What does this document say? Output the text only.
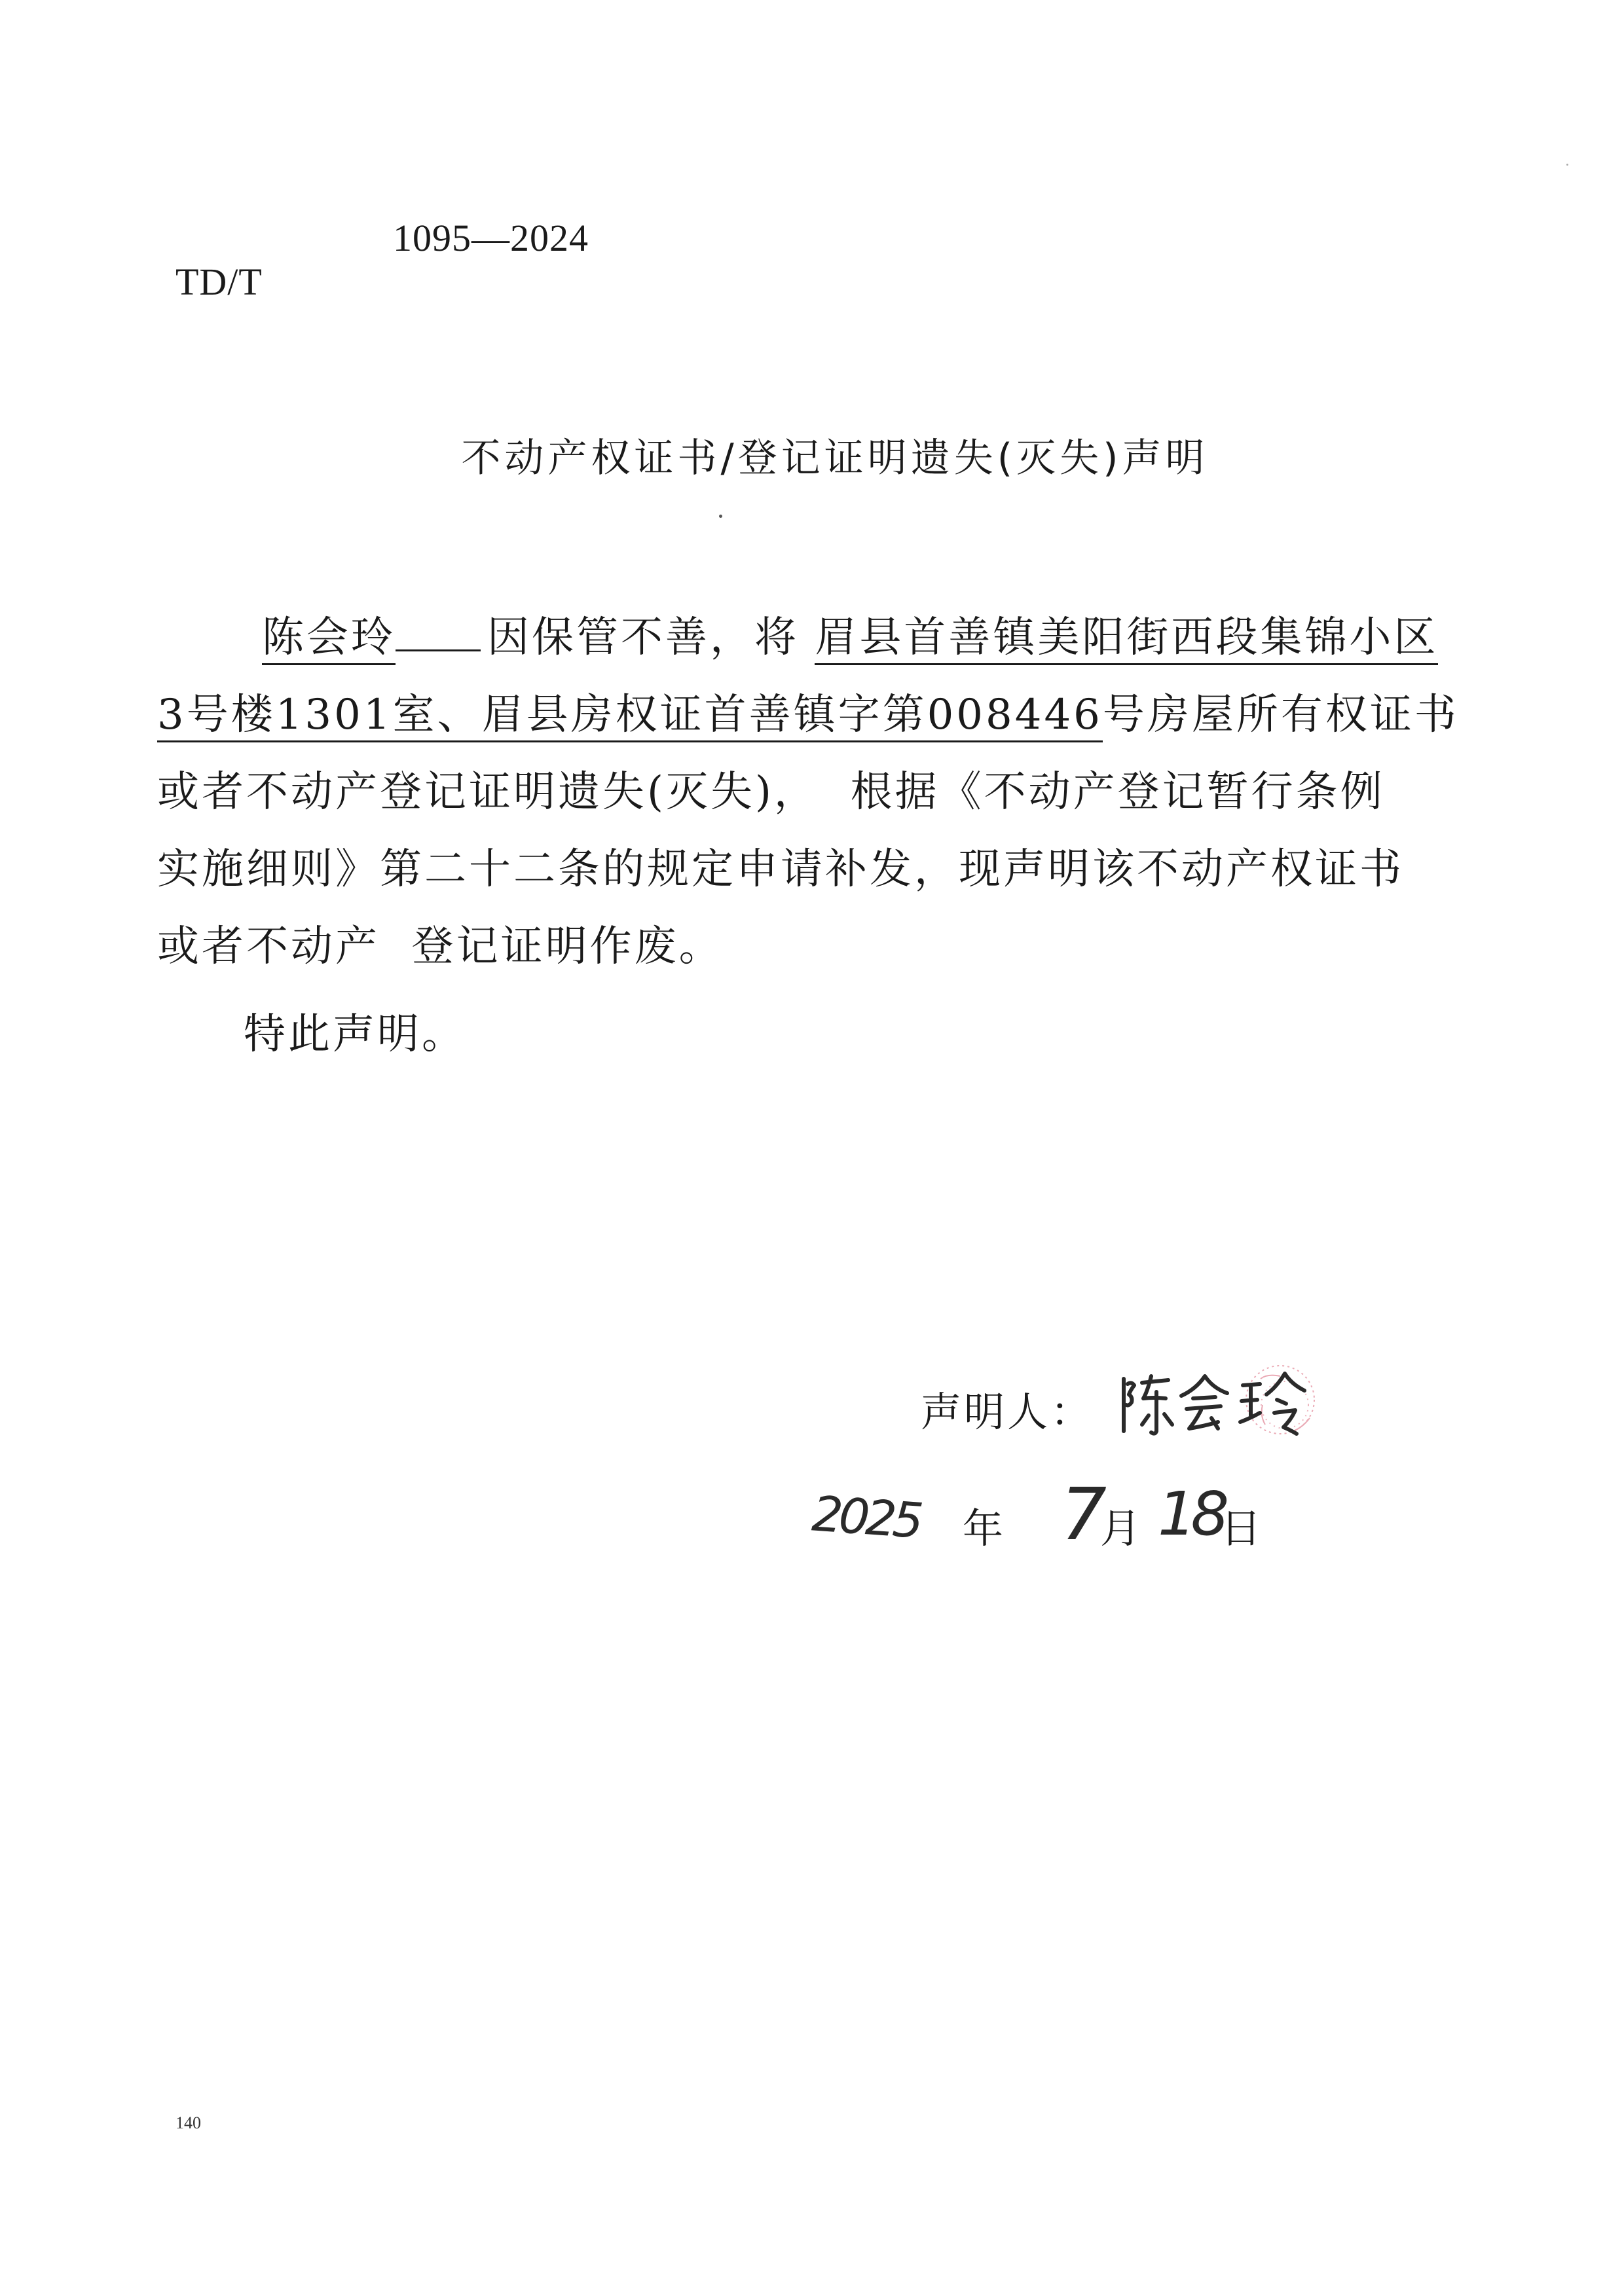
TD/T

1095—2024

不动产权证书/登记证明遗失(灭失)声明
陈会玲 因保管不善，将 眉县首善镇美阳街西段集锦小区
3号楼1301室、眉县房权证首善镇字第008446号房屋所有权证书
或者不动产登记证明遗失(灭失)，  根据《不动产登记暂行条例
实施细则》第二十二条的规定申请补发，现声明该不动产权证书
或者不动产  登记证明作废。
特此声明。
声明人：
2025 年 7
月 18
日
140
